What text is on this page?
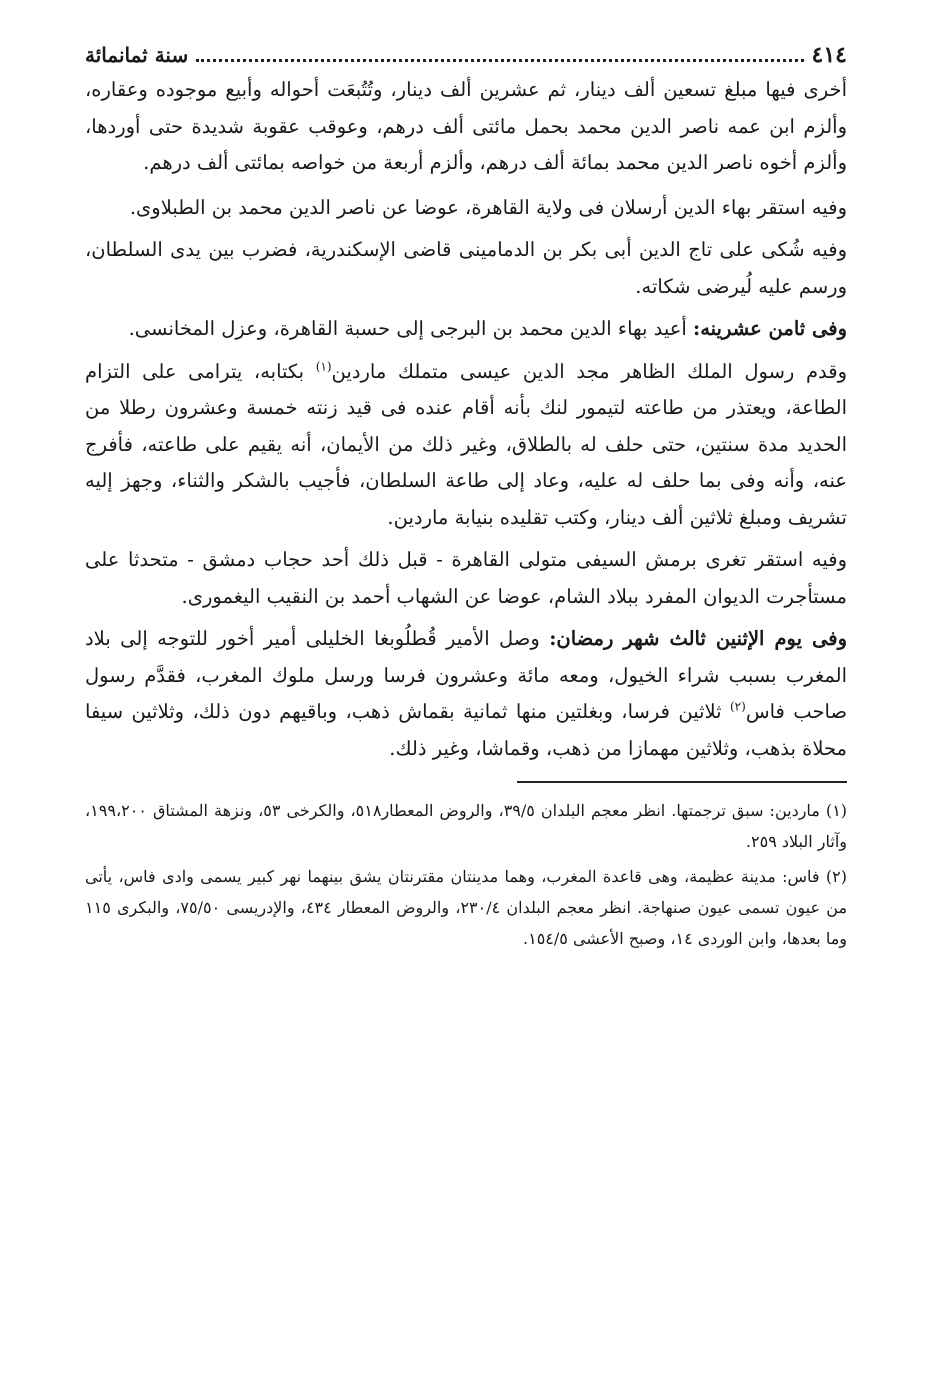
٤١٤
سنة ثمانمائة

أخرى فيها مبلغ تسعين ألف دينار، ثم عشرين ألف دينار، وتُتُبعَت أحواله وأبيع موجوده وعقاره، وألزم ابن عمه ناصر الدين محمد بحمل مائتى ألف درهم، وعوقب عقوبة شديدة حتى أوردها، وألزم أخوه ناصر الدين محمد بمائة ألف درهم، وألزم أربعة من خواصه بمائتى ألف درهم.

وفيه استقر بهاء الدين أرسلان فى ولاية القاهرة، عوضا عن ناصر الدين محمد بن الطبلاوى.

وفيه شُكى على تاج الدين أبى بكر بن الدمامينى قاضى الإسكندرية، فضرب بين يدى السلطان، ورسم عليه لُيرضى شكاته.

وفى ثامن عشرينه: أعيد بهاء الدين محمد بن البرجى إلى حسبة القاهرة، وعزل المخانسى.

وقدم رسول الملك الظاهر مجد الدين عيسى متملك ماردين$^{(١)}$ بكتابه، يترامى على التزام الطاعة، ويعتذر من طاعته لتيمور لنك بأنه أقام عنده فى قيد زنته خمسة وعشرون رطلا من الحديد مدة سنتين، حتى حلف له بالطلاق، وغير ذلك من الأيمان، أنه يقيم على طاعته، فأفرج عنه، وأنه وفى بما حلف له عليه، وعاد إلى طاعة السلطان، فأجيب بالشكر والثناء، وجهز إليه تشريف ومبلغ ثلاثين ألف دينار، وكتب تقليده بنيابة ماردين.

وفيه استقر تغرى برمش السيفى متولى القاهرة - قبل ذلك أحد حجاب دمشق - متحدثا على مستأجرت الديوان المفرد ببلاد الشام، عوضا عن الشهاب أحمد بن النقيب اليغمورى.

وفى يوم الإثنين ثالث شهر رمضان: وصل الأمير قُطلُوبغا الخليلى أمير أخور للتوجه إلى بلاد المغرب بسبب شراء الخيول، ومعه مائة وعشرون فرسا ورسل ملوك المغرب، فقدَّم رسول صاحب فاس$^{(٢)}$ ثلاثين فرسا، وبغلتين منها ثمانية بقماش ذهب، وباقيهم دون ذلك، وثلاثين سيفا محلاة بذهب، وثلاثين مهمازا من ذهب، وقماشا، وغير ذلك.

(١) ماردين: سبق ترجمتها. انظر معجم البلدان ٣٩/٥، والروض المعطار٥١٨، والكرخى ٥٣، ونزهة المشتاق ١٩٩،٢٠٠، وآثار البلاد ٢٥٩.

(٢) فاس: مدينة عظيمة، وهى قاعدة المغرب، وهما مدينتان مقترنتان يشق بينهما نهر كبير يسمى وادى فاس، يأتى من عيون تسمى عيون صنهاجة. انظر معجم البلدان ٢٣٠/٤، والروض المعطار ٤٣٤، والإدريسى ٧٥/٥٠، والبكرى ١١٥ وما بعدها، وابن الوردى ١٤، وصبح الأعشى ١٥٤/٥.
